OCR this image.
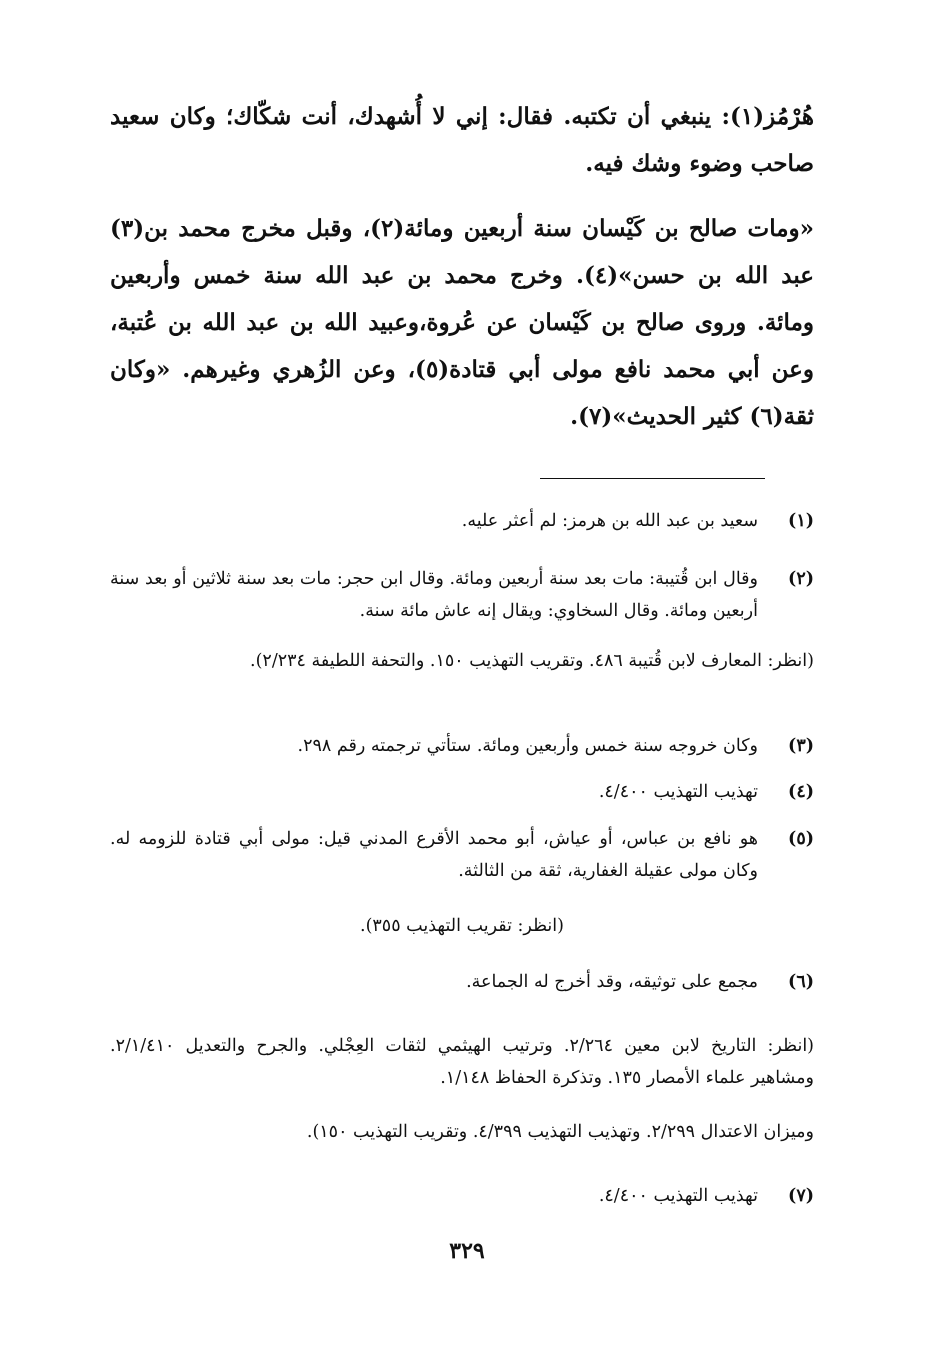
هُرْمُز(١): ينبغي أن تكتبه. فقال: إني لا أُشهدك، أنت شكّاك؛ وكان سعيد صاحب وضوء وشك فيه.

«ومات صالح بن كَيْسان سنة أربعين ومائة(٢)، وقبل مخرج محمد بن(٣) عبد الله بن حسن»(٤). وخرج محمد بن عبد الله سنة خمس وأربعين ومائة. وروى صالح بن كَيْسان عن عُروة،وعبيد الله بن عبد الله بن عُتبة، وعن أبي محمد نافع مولى أبي قتادة(٥)، وعن الزُهري وغيرهم. «وكان ثقة(٦) كثير الحديث»(٧).

(١)
سعيد بن عبد الله بن هرمز: لم أعثر عليه.
(٢)
وقال ابن قُتيبة: مات بعد سنة أربعين ومائة. وقال ابن حجر: مات بعد سنة ثلاثين أو بعد سنة أربعين ومائة. وقال السخاوي: ويقال إنه عاش مائة سنة.
(انظر: المعارف لابن قُتيبة ٤٨٦. وتقريب التهذيب ١٥٠. والتحفة اللطيفة ٢/٢٣٤).
(٣)
وكان خروجه سنة خمس وأربعين ومائة. ستأتي ترجمته رقم ٢٩٨.
(٤)
تهذيب التهذيب ٤/٤٠٠.
(٥)
هو نافع بن عباس، أو عياش، أبو محمد الأقرع المدني قيل: مولى أبي قتادة للزومه له. وكان مولى عقيلة الغفارية، ثقة من الثالثة.
(انظر: تقريب التهذيب ٣٥٥).
(٦)
مجمع على توثيقه، وقد أخرج له الجماعة.
(انظر: التاريخ لابن معين ٢/٢٦٤. وترتيب الهيثمي لثقات العِجْلي. والجرح والتعديل ٢/١/٤١٠. ومشاهير علماء الأمصار ١٣٥. وتذكرة الحفاظ ١/١٤٨.
وميزان الاعتدال ٢/٢٩٩. وتهذيب التهذيب ٤/٣٩٩. وتقريب التهذيب ١٥٠).
(٧)
تهذيب التهذيب ٤/٤٠٠.
٣٢٩
